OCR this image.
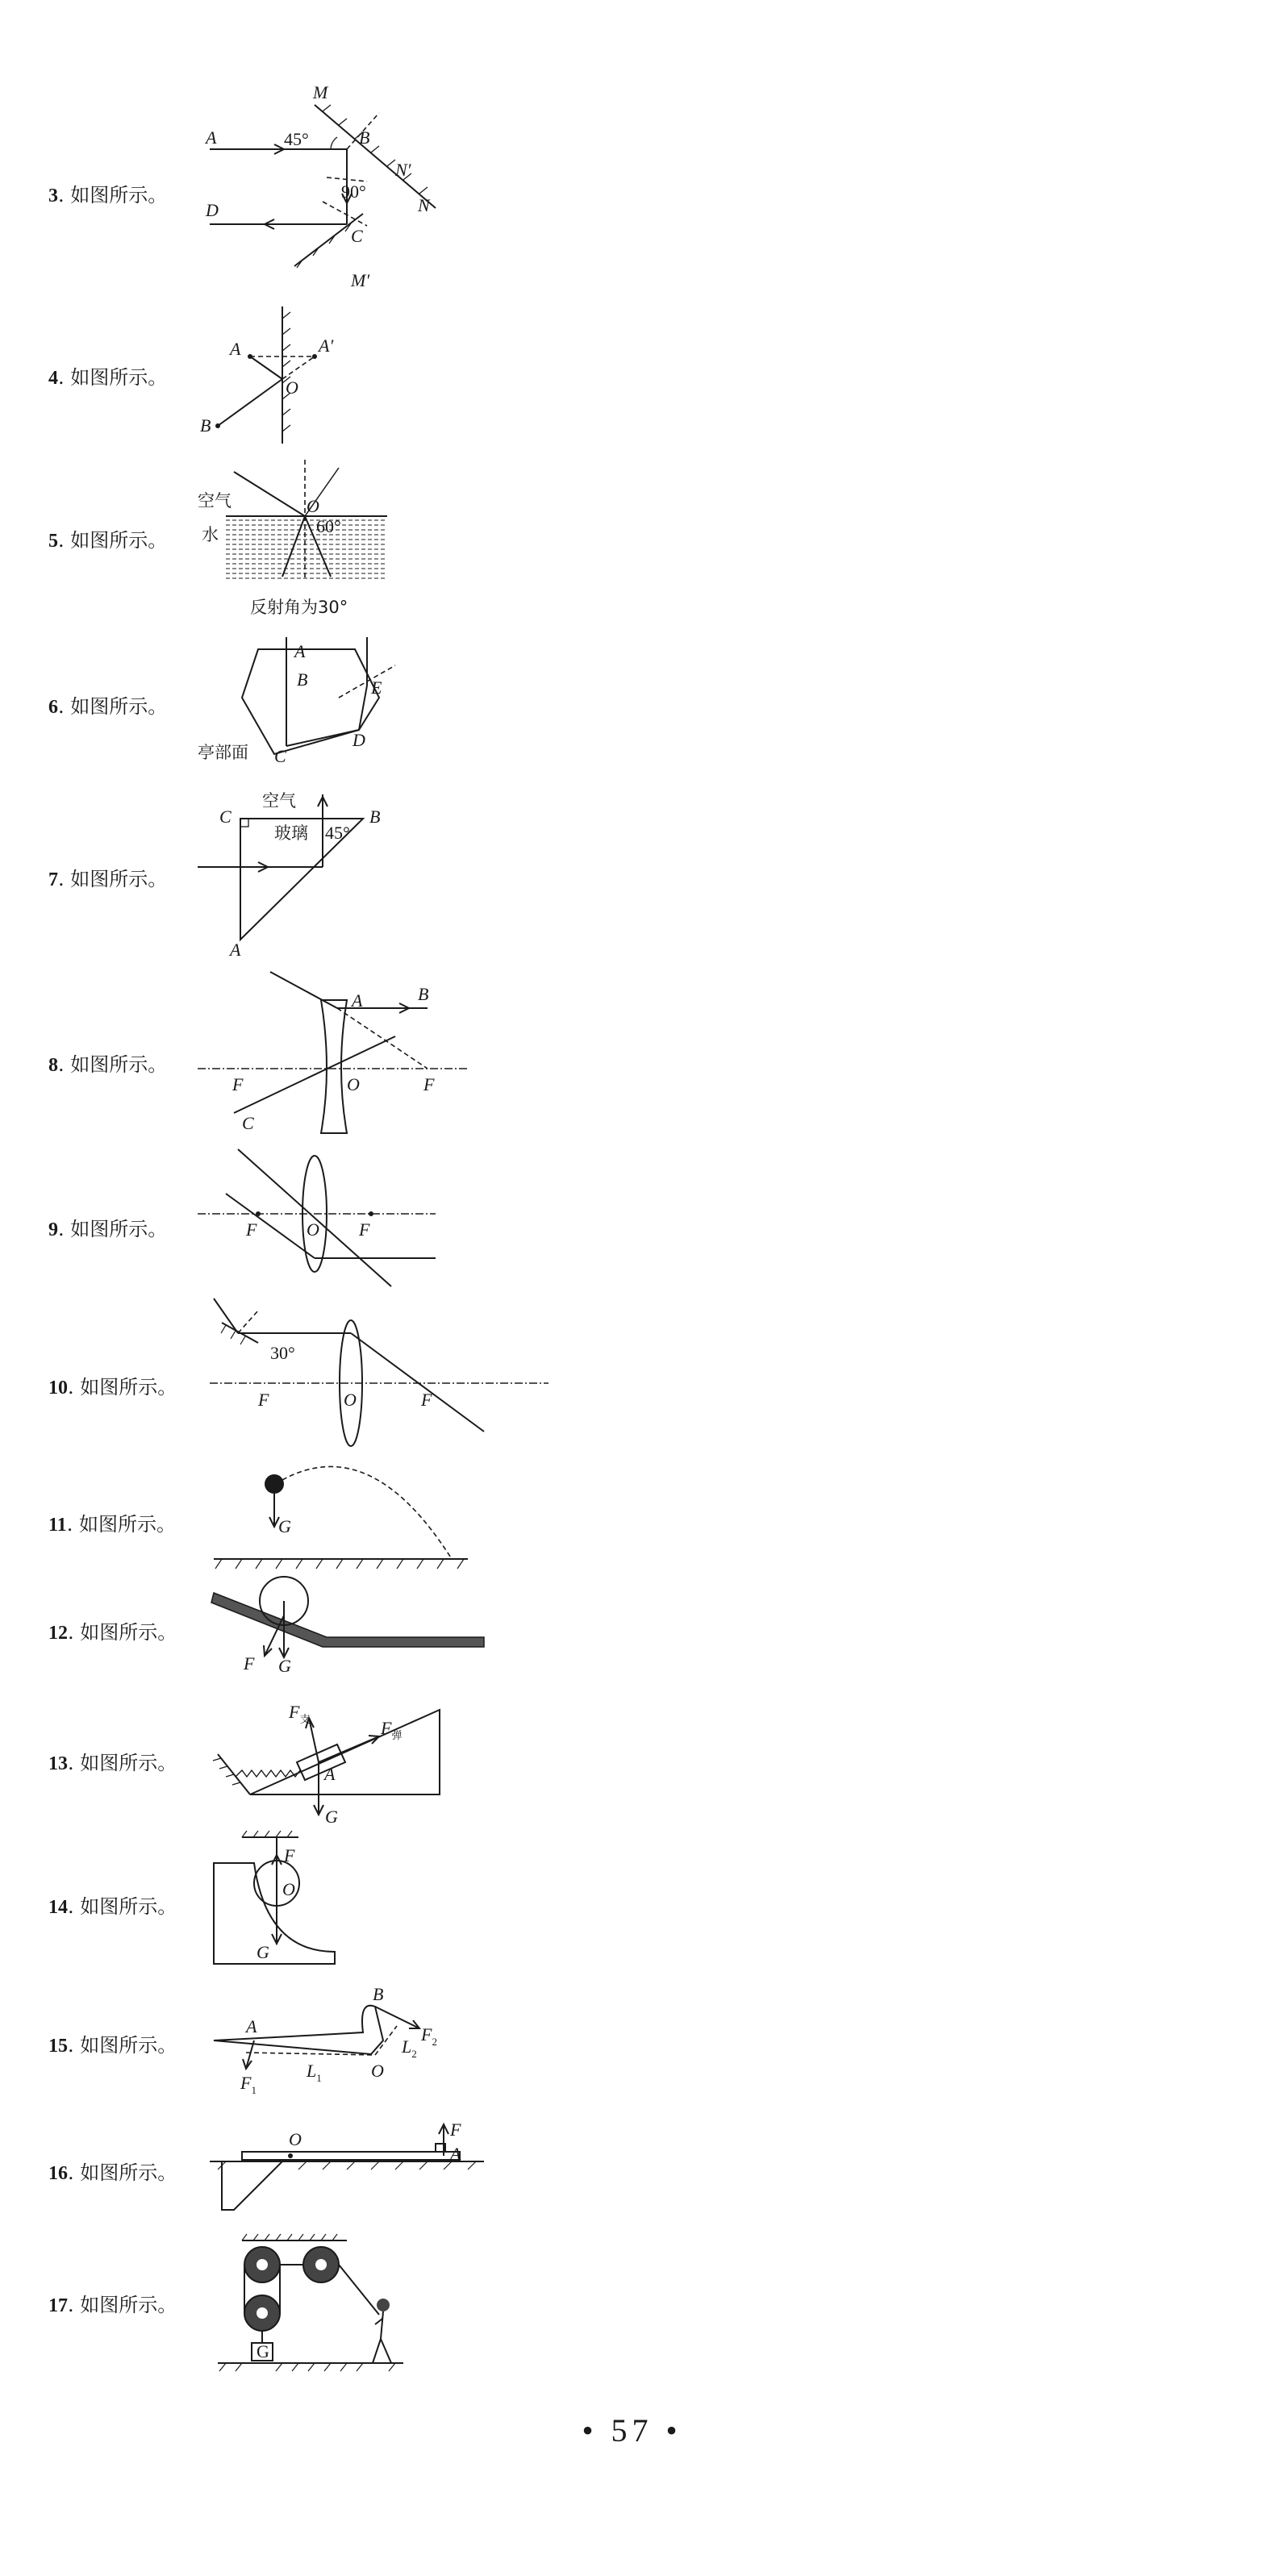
3. 如图所示。
4. 如图所示。
5. 如图所示。
6. 如图所示。
7. 如图所示。
8. 如图所示。
9. 如图所示。
10. 如图所示。
11. 如图所示。
12. 如图所示。
13. 如图所示。
14. 如图所示。
15. 如图所示。
16. 如图所示。
17. 如图所示。
A	B
C
D
M
M′
N
N′
45°
90°
A	A′
O
B
空气
水
O
60°
反射角为30°
A
B
C
D
E
亭部面
C	B
A
空气
玻璃 45°
A	B
C
F	F
O
F	F
O
30°
F	F
O
G
F G
$F_支$	$F_弹$
A
G
F
O
G
A
B
O
$F_1$
$F_2$
$L_1$
$L_2$
O
A
F
G
• 57 •
